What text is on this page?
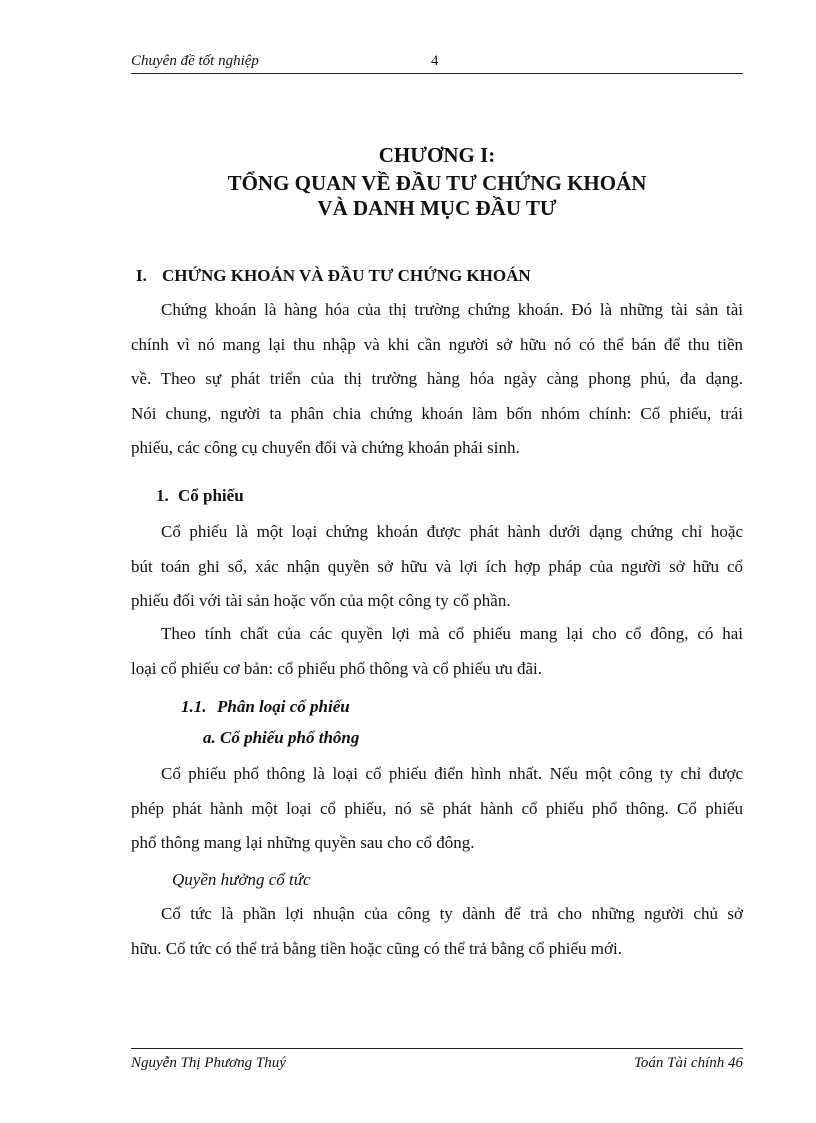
Chuyên đề tốt nghiệp	4
CHƯƠNG I:
TỔNG QUAN VỀ ĐẦU TƯ CHỨNG KHOÁN
VÀ DANH MỤC ĐẦU TƯ
I. CHỨNG KHOÁN VÀ ĐẦU TƯ CHỨNG KHOÁN

Chứng khoán là hàng hóa của thị trường chứng khoán. Đó là những tài sản tài
chính vì nó mang lại thu nhập và khi cần người sở hữu nó có thể bán để thu tiền
về. Theo sự phát triển của thị trường hàng hóa ngày càng phong phú, đa dạng.
Nói chung, người ta phân chia chứng khoán làm bốn nhóm chính: Cổ phiếu, trái
phiếu, các công cụ chuyển đổi và chứng khoán phái sinh.

1. Cổ phiếu

Cổ phiếu là một loại chứng khoán được phát hành dưới dạng chứng chỉ hoặc
bút toán ghi sổ, xác nhận quyền sở hữu và lợi ích hợp pháp của người sở hữu cổ
phiếu đối với tài sản hoặc vốn của một công ty cổ phần.

Theo tính chất của các quyền lợi mà cổ phiếu mang lại cho cổ đông, có hai
loại cổ phiếu cơ bản: cổ phiếu phổ thông và cổ phiếu ưu đãi.

1.1. Phân loại cổ phiếu
a. Cổ phiếu phổ thông

Cổ phiếu phổ thông là loại cổ phiếu điển hình nhất. Nếu một công ty chỉ được
phép phát hành một loại cổ phiếu, nó sẽ phát hành cổ phiếu phổ thông. Cổ phiếu
phổ thông mang lại những quyền sau cho cổ đông.

Quyền hưởng cổ tức

Cổ tức là phần lợi nhuận của công ty dành để trả cho những người chủ sở
hữu. Cổ tức có thể trả bằng tiền hoặc cũng có thể trả bằng cổ phiếu mới.

Nguyễn Thị Phương Thuý	Toán Tài chính 46
